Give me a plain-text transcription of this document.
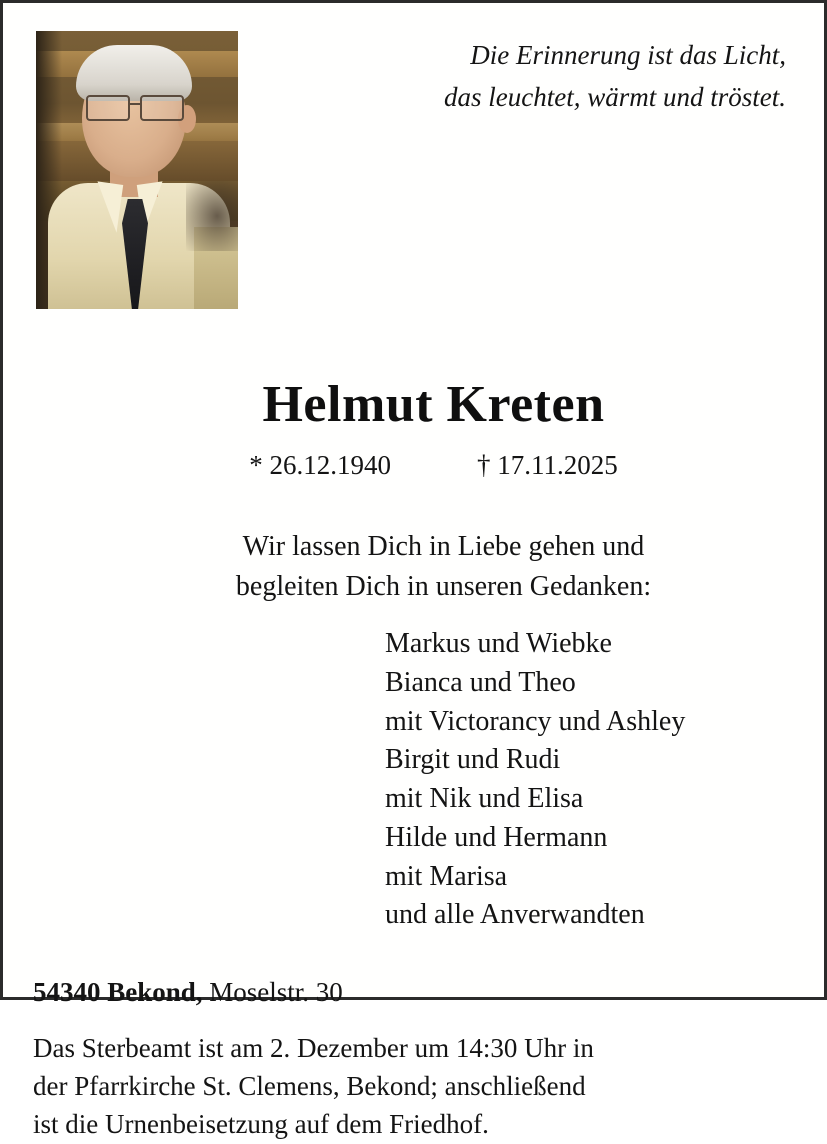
Die Erinnerung ist das Licht,
das leuchtet, wärmt und tröstet.
Helmut Kreten
* 26.12.1940	† 17.11.2025
Wir lassen Dich in Liebe gehen und
begleiten Dich in unseren Gedanken:
Markus und Wiebke
Bianca und Theo
mit Victorancy und Ashley
Birgit und Rudi
mit Nik und Elisa
Hilde und Hermann
mit Marisa
und alle Anverwandten
54340 Bekond, Moselstr. 30
Das Sterbeamt ist am 2. Dezember um 14:30 Uhr in
der Pfarrkirche St. Clemens, Bekond; anschließend
ist die Urnenbeisetzung auf dem Friedhof.
